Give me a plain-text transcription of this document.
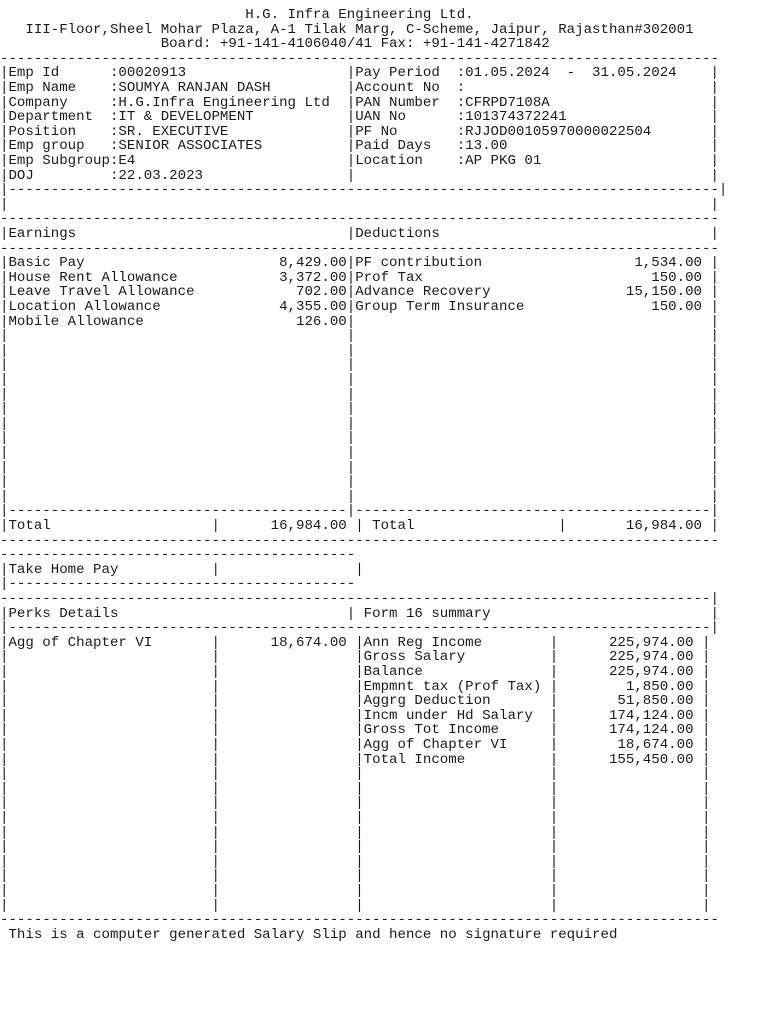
H.G. Infra Engineering Ltd.
III-Floor,Sheel Mohar Plaza, A-1 Tilak Marg, C-Scheme, Jaipur, Rajasthan#302001
Board: +91-141-4106040/41 Fax: +91-141-4271842
-------------------------------------------------------------------------------------
|Emp Id      :00020913                   |Pay Period  :01.05.2024  -  31.05.2024    |
|Emp Name    :SOUMYA RANJAN DASH         |Account No  :                             |
|Company     :H.G.Infra Engineering Ltd  |PAN Number  :CFRPD7108A                   |
|Department  :IT & DEVELOPMENT           |UAN No      :101374372241                 |
|Position    :SR. EXECUTIVE              |PF No       :RJJOD00105970000022504       |
|Emp group   :SENIOR ASSOCIATES          |Paid Days   :13.00                        |
|Emp Subgroup:E4                         |Location    :AP PKG 01                    |
|DOJ         :22.03.2023                 |                                          |
|------------------------------------------------------------------------------------|
|                                                                                   |
-------------------------------------------------------------------------------------
|Earnings                                |Deductions                                |
-------------------------------------------------------------------------------------
|Basic Pay                       8,429.00|PF contribution                  1,534.00 |
|House Rent Allowance            3,372.00|Prof Tax                           150.00 |
|Leave Travel Allowance            702.00|Advance Recovery                15,150.00 |
|Location Allowance              4,355.00|Group Term Insurance               150.00 |
|Mobile Allowance                  126.00|                                          |
|                                        |                                          |
|                                        |                                          |
|                                        |                                          |
|                                        |                                          |
|                                        |                                          |
|                                        |                                          |
|                                        |                                          |
|                                        |                                          |
|                                        |                                          |
|                                        |                                          |
|                                        |                                          |
|                                        |                                          |
|----------------------------------------|------------------------------------------|
|Total                   |      16,984.00 | Total                 |       16,984.00 |
-------------------------------------------------------------------------------------
------------------------------------------
|Take Home Pay           |                |
|-----------------------------------------
------------------------------------------------------------------------------------|
|Perks Details                           | Form 16 summary                          |
|-----------------------------------------------------------------------------------|
|Agg of Chapter VI       |      18,674.00 |Ann Reg Income        |      225,974.00 |
|                        |                |Gross Salary          |      225,974.00 |
|                        |                |Balance               |      225,974.00 |
|                        |                |Empmnt tax (Prof Tax) |        1,850.00 |
|                        |                |Aggrg Deduction       |       51,850.00 |
|                        |                |Incm under Hd Salary  |      174,124.00 |
|                        |                |Gross Tot Income      |      174,124.00 |
|                        |                |Agg of Chapter VI     |       18,674.00 |
|                        |                |Total Income          |      155,450.00 |
|                        |                |                      |                 |
|                        |                |                      |                 |
|                        |                |                      |                 |
|                        |                |                      |                 |
|                        |                |                      |                 |
|                        |                |                      |                 |
|                        |                |                      |                 |
|                        |                |                      |                 |
|                        |                |                      |                 |
|                        |                |                      |                 |
-------------------------------------------------------------------------------------
This is a computer generated Salary Slip and hence no signature required
